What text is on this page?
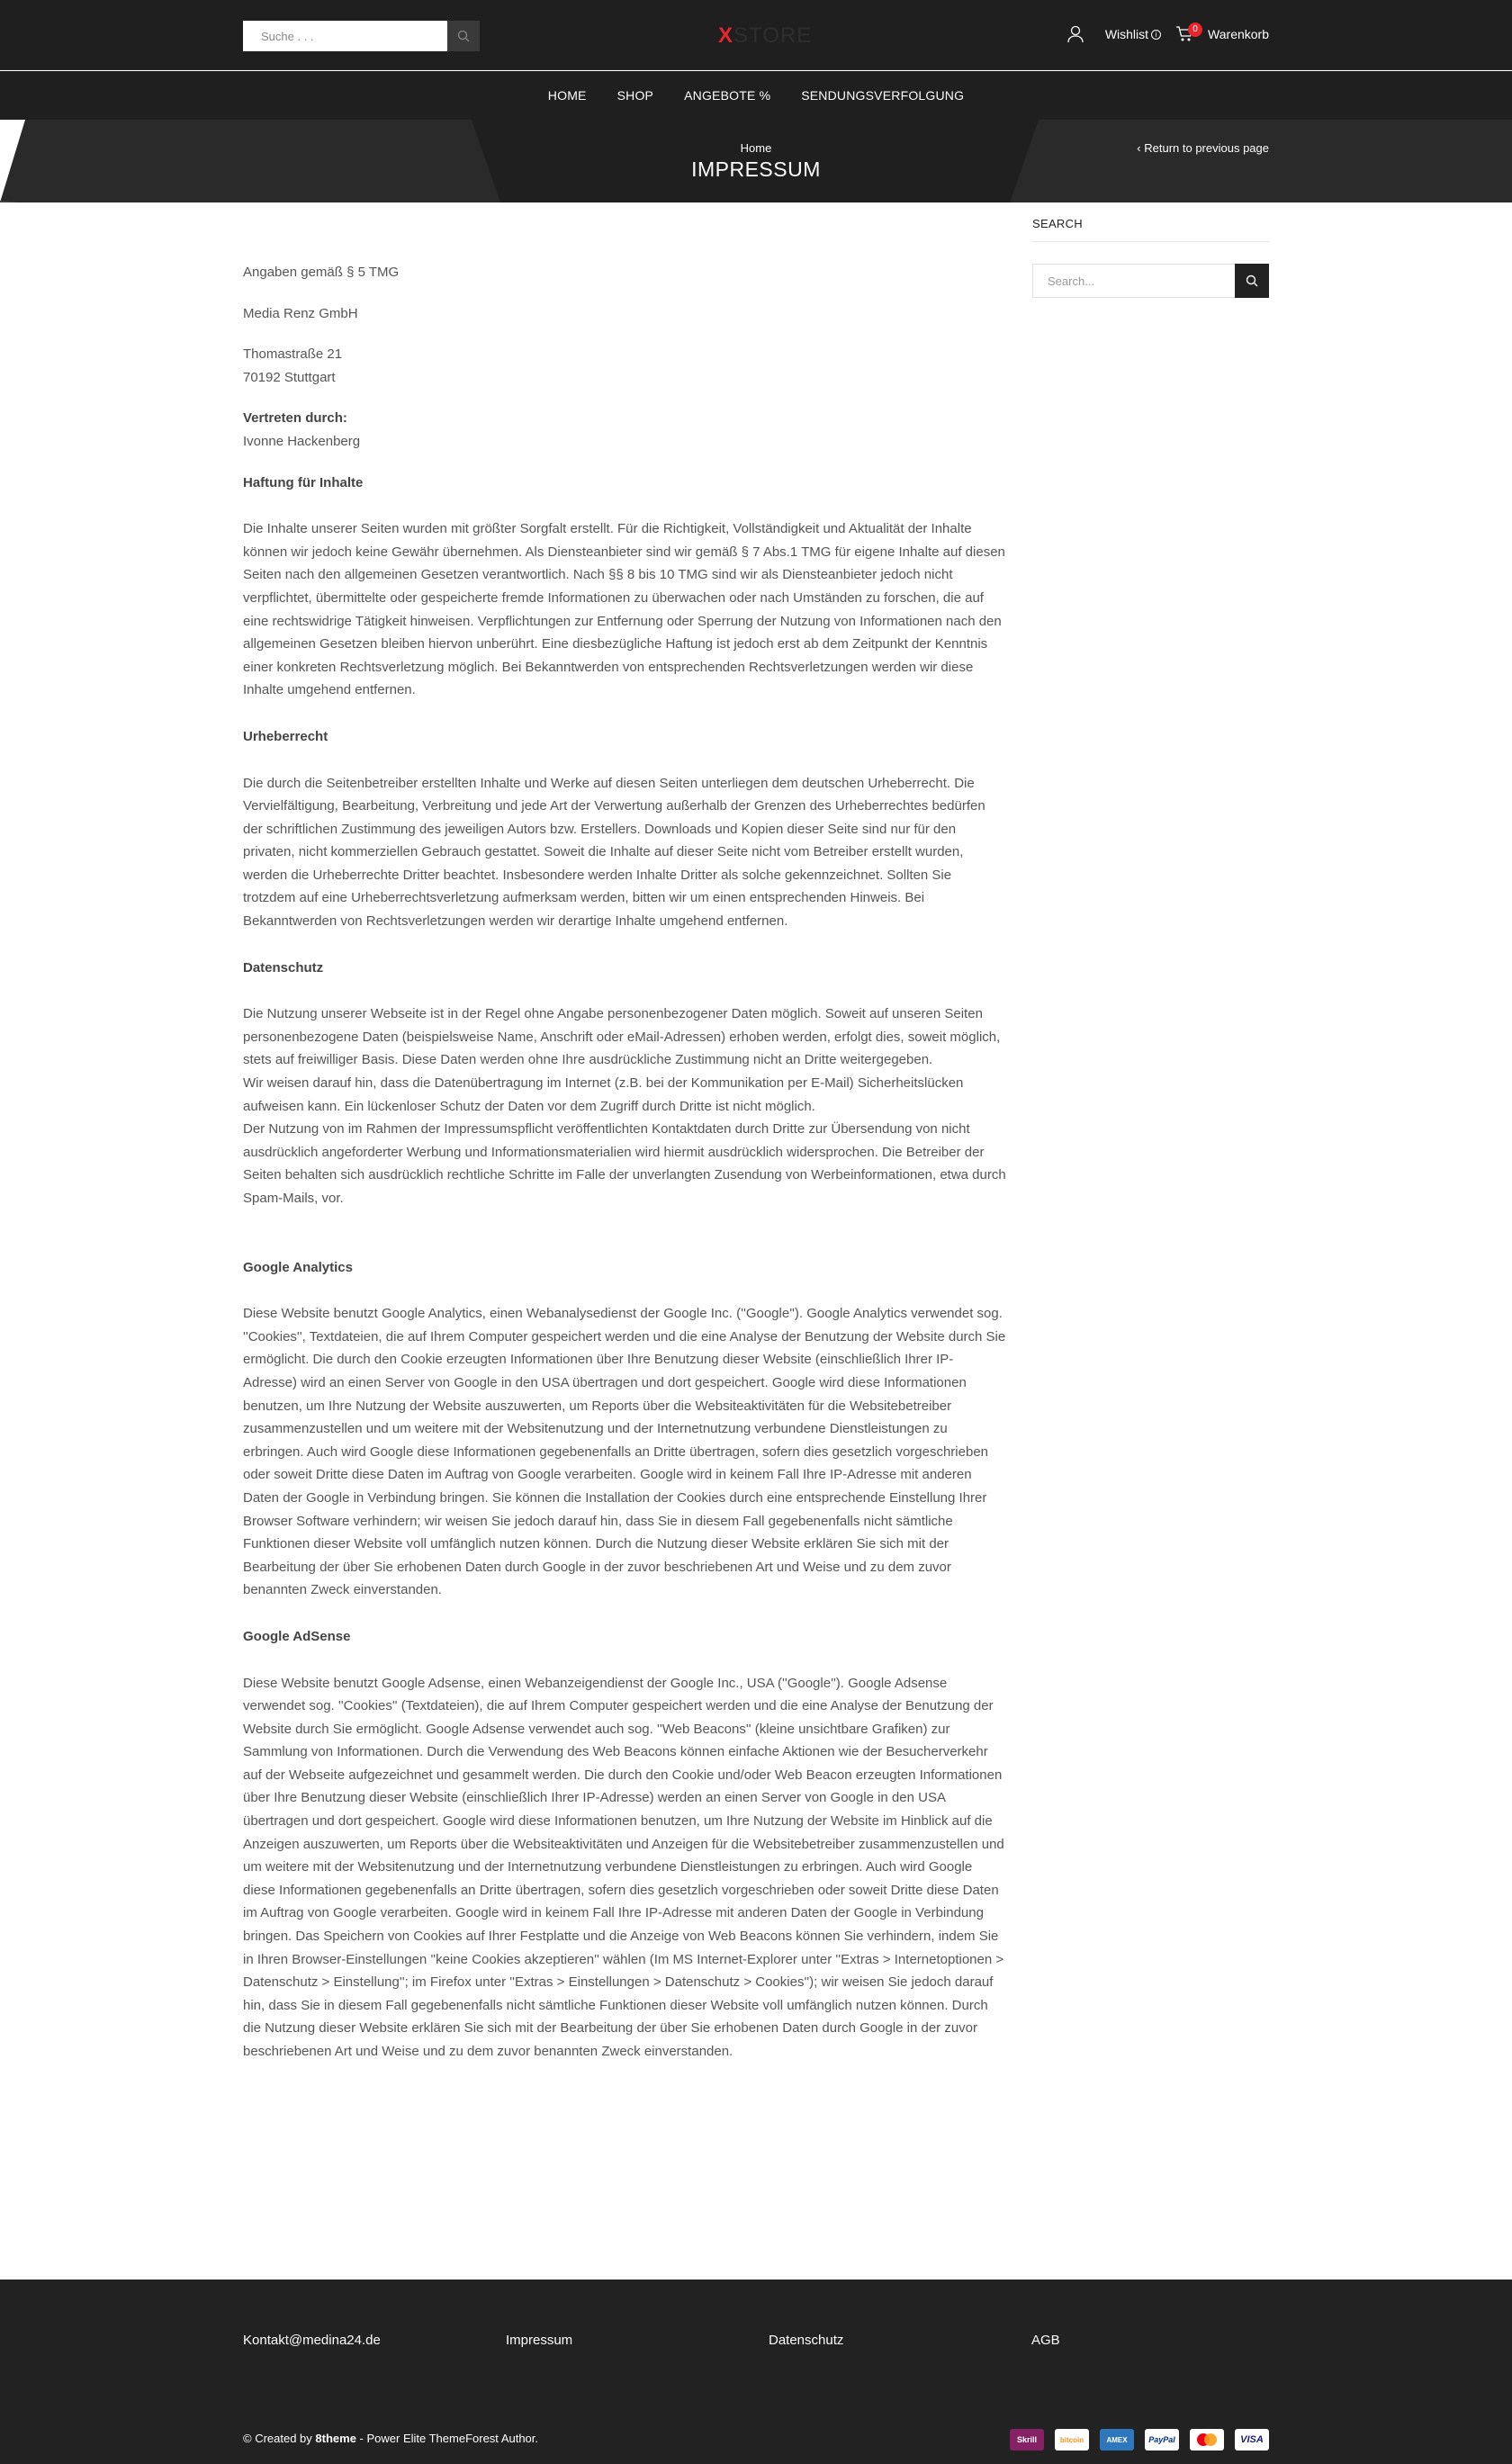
Suche . . .
XSTORE	Wishlist i	0 Warenkorb
HOME SHOP ANGEBOTE % SENDUNGSVERFOLGUNG
Home
IMPRESSUM
‹ Return to previous page

Angaben gemäß § 5 TMG

Media Renz GmbH

Thomastraße 21

70192 Stuttgart

Vertreten durch:

Ivonne Hackenberg

Haftung für Inhalte

Die Inhalte unserer Seiten wurden mit größter Sorgfalt erstellt. Für die Richtigkeit, Vollständigkeit und Aktualität der Inhalte können wir jedoch keine Gewähr übernehmen. Als Diensteanbieter sind wir gemäß § 7 Abs.1 TMG für eigene Inhalte auf diesen Seiten nach den allgemeinen Gesetzen verantwortlich. Nach §§ 8 bis 10 TMG sind wir als Diensteanbieter jedoch nicht verpflichtet, übermittelte oder gespeicherte fremde Informationen zu überwachen oder nach Umständen zu forschen, die auf eine rechtswidrige Tätigkeit hinweisen. Verpflichtungen zur Entfernung oder Sperrung der Nutzung von Informationen nach den allgemeinen Gesetzen bleiben hiervon unberührt. Eine diesbezügliche Haftung ist jedoch erst ab dem Zeitpunkt der Kenntnis einer konkreten Rechtsverletzung möglich. Bei Bekanntwerden von entsprechenden Rechtsverletzungen werden wir diese Inhalte umgehend entfernen.

Urheberrecht

Die durch die Seitenbetreiber erstellten Inhalte und Werke auf diesen Seiten unterliegen dem deutschen Urheberrecht. Die Vervielfältigung, Bearbeitung, Verbreitung und jede Art der Verwertung außerhalb der Grenzen des Urheberrechtes bedürfen der schriftlichen Zustimmung des jeweiligen Autors bzw. Erstellers. Downloads und Kopien dieser Seite sind nur für den privaten, nicht kommerziellen Gebrauch gestattet. Soweit die Inhalte auf dieser Seite nicht vom Betreiber erstellt wurden, werden die Urheberrechte Dritter beachtet. Insbesondere werden Inhalte Dritter als solche gekennzeichnet. Sollten Sie trotzdem auf eine Urheberrechtsverletzung aufmerksam werden, bitten wir um einen entsprechenden Hinweis. Bei Bekanntwerden von Rechtsverletzungen werden wir derartige Inhalte umgehend entfernen.

Datenschutz

Die Nutzung unserer Webseite ist in der Regel ohne Angabe personenbezogener Daten möglich. Soweit auf unseren Seiten personenbezogene Daten (beispielsweise Name, Anschrift oder eMail-Adressen) erhoben werden, erfolgt dies, soweit möglich, stets auf freiwilliger Basis. Diese Daten werden ohne Ihre ausdrückliche Zustimmung nicht an Dritte weitergegeben.

Wir weisen darauf hin, dass die Datenübertragung im Internet (z.B. bei der Kommunikation per E-Mail) Sicherheitslücken aufweisen kann. Ein lückenloser Schutz der Daten vor dem Zugriff durch Dritte ist nicht möglich.

Der Nutzung von im Rahmen der Impressumspflicht veröffentlichten Kontaktdaten durch Dritte zur Übersendung von nicht ausdrücklich angeforderter Werbung und Informationsmaterialien wird hiermit ausdrücklich widersprochen. Die Betreiber der Seiten behalten sich ausdrücklich rechtliche Schritte im Falle der unverlangten Zusendung von Werbeinformationen, etwa durch Spam-Mails, vor.

Google Analytics

Diese Website benutzt Google Analytics, einen Webanalysedienst der Google Inc. (''Google''). Google Analytics verwendet sog. ''Cookies'', Textdateien, die auf Ihrem Computer gespeichert werden und die eine Analyse der Benutzung der Website durch Sie ermöglicht. Die durch den Cookie erzeugten Informationen über Ihre Benutzung dieser Website (einschließlich Ihrer IP-Adresse) wird an einen Server von Google in den USA übertragen und dort gespeichert. Google wird diese Informationen benutzen, um Ihre Nutzung der Website auszuwerten, um Reports über die Websiteaktivitäten für die Websitebetreiber zusammenzustellen und um weitere mit der Websitenutzung und der Internetnutzung verbundene Dienstleistungen zu erbringen. Auch wird Google diese Informationen gegebenenfalls an Dritte übertragen, sofern dies gesetzlich vorgeschrieben oder soweit Dritte diese Daten im Auftrag von Google verarbeiten. Google wird in keinem Fall Ihre IP-Adresse mit anderen Daten der Google in Verbindung bringen. Sie können die Installation der Cookies durch eine entsprechende Einstellung Ihrer Browser Software verhindern; wir weisen Sie jedoch darauf hin, dass Sie in diesem Fall gegebenenfalls nicht sämtliche Funktionen dieser Website voll umfänglich nutzen können. Durch die Nutzung dieser Website erklären Sie sich mit der Bearbeitung der über Sie erhobenen Daten durch Google in der zuvor beschriebenen Art und Weise und zu dem zuvor benannten Zweck einverstanden.

Google AdSense

Diese Website benutzt Google Adsense, einen Webanzeigendienst der Google Inc., USA (''Google''). Google Adsense verwendet sog. ''Cookies'' (Textdateien), die auf Ihrem Computer gespeichert werden und die eine Analyse der Benutzung der Website durch Sie ermöglicht. Google Adsense verwendet auch sog. ''Web Beacons'' (kleine unsichtbare Grafiken) zur Sammlung von Informationen. Durch die Verwendung des Web Beacons können einfache Aktionen wie der Besucherverkehr auf der Webseite aufgezeichnet und gesammelt werden. Die durch den Cookie und/oder Web Beacon erzeugten Informationen über Ihre Benutzung dieser Website (einschließlich Ihrer IP-Adresse) werden an einen Server von Google in den USA übertragen und dort gespeichert. Google wird diese Informationen benutzen, um Ihre Nutzung der Website im Hinblick auf die Anzeigen auszuwerten, um Reports über die Websiteaktivitäten und Anzeigen für die Websitebetreiber zusammenzustellen und um weitere mit der Websitenutzung und der Internetnutzung verbundene Dienstleistungen zu erbringen. Auch wird Google diese Informationen gegebenenfalls an Dritte übertragen, sofern dies gesetzlich vorgeschrieben oder soweit Dritte diese Daten im Auftrag von Google verarbeiten. Google wird in keinem Fall Ihre IP-Adresse mit anderen Daten der Google in Verbindung bringen. Das Speichern von Cookies auf Ihrer Festplatte und die Anzeige von Web Beacons können Sie verhindern, indem Sie in Ihren Browser-Einstellungen ''keine Cookies akzeptieren'' wählen (Im MS Internet-Explorer unter ''Extras > Internetoptionen > Datenschutz > Einstellung''; im Firefox unter ''Extras > Einstellungen > Datenschutz > Cookies''); wir weisen Sie jedoch darauf hin, dass Sie in diesem Fall gegebenenfalls nicht sämtliche Funktionen dieser Website voll umfänglich nutzen können. Durch die Nutzung dieser Website erklären Sie sich mit der Bearbeitung der über Sie erhobenen Daten durch Google in der zuvor beschriebenen Art und Weise und zu dem zuvor benannten Zweck einverstanden.

SEARCH
Search...
Kontakt@medina24.de	Impressum	Datenschutz	AGB
© Created by 8theme - Power Elite ThemeForest Author.	Skrill	bitcoin	AMEX	PayPal	VISA
